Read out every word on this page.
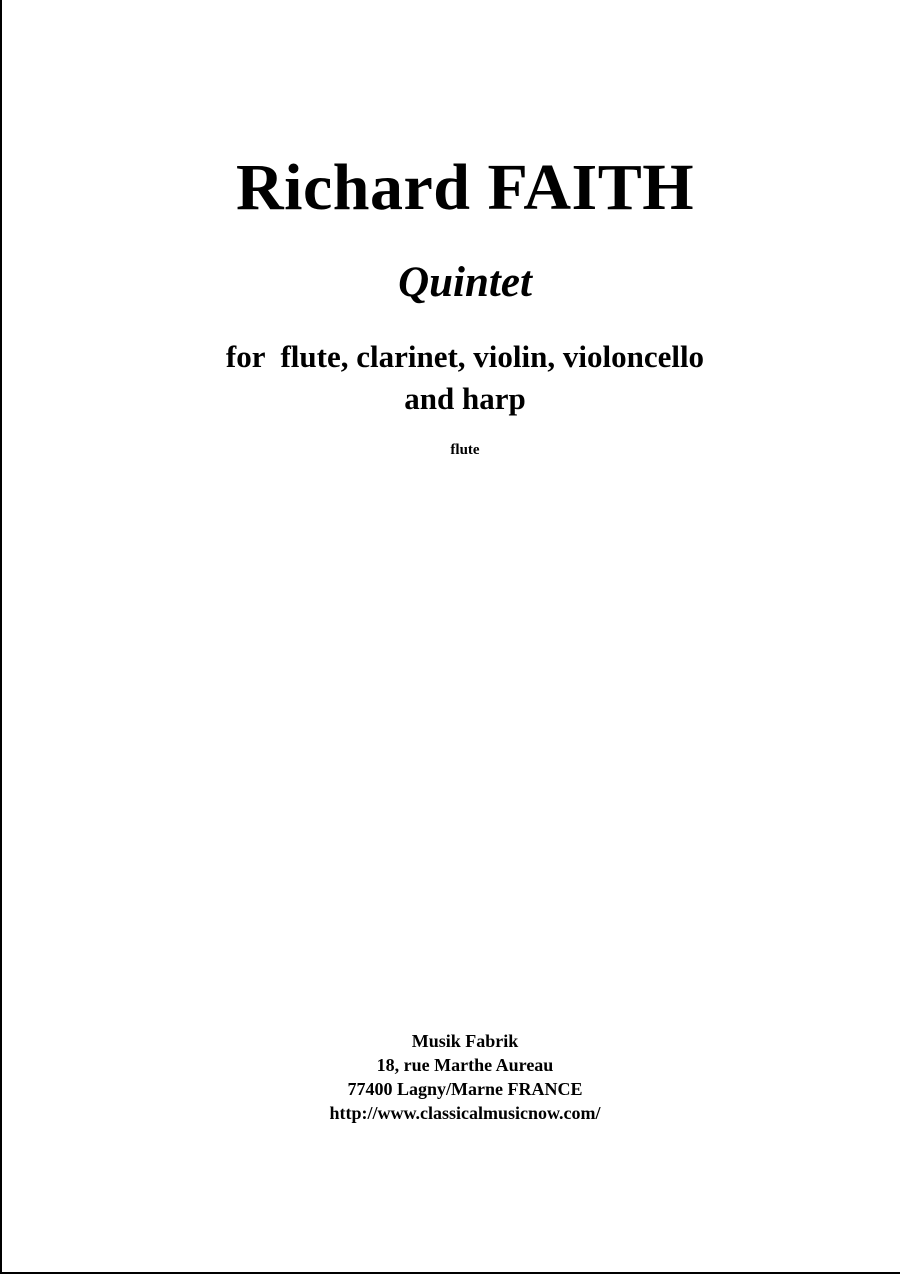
Richard FAITH
Quintet
for  flute, clarinet, violin, violoncello
and harp
flute
Musik Fabrik
18, rue Marthe Aureau
77400 Lagny/Marne FRANCE
http://www.classicalmusicnow.com/
